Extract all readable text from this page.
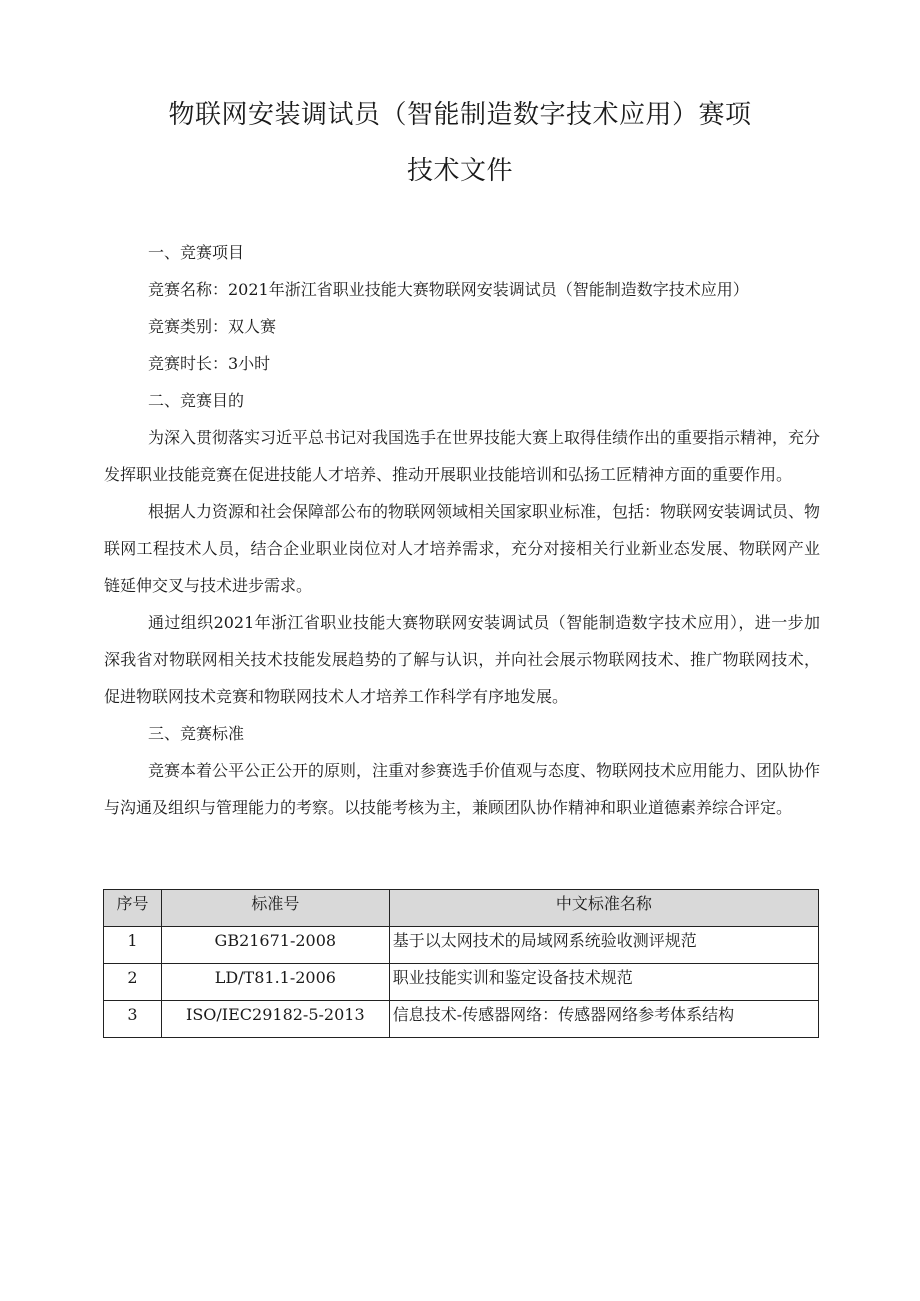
物联网安装调试员（智能制造数字技术应用）赛项
技术文件
一、竞赛项目
竞赛名称：2021年浙江省职业技能大赛物联网安装调试员（智能制造数字技术应用）
竞赛类别：双人赛
竞赛时长：3小时
二、竞赛目的

为深入贯彻落实习近平总书记对我国选手在世界技能大赛上取得佳绩作出的重要指示精神，充分发挥职业技能竞赛在促进技能人才培养、推动开展职业技能培训和弘扬工匠精神方面的重要作用。

根据人力资源和社会保障部公布的物联网领域相关国家职业标准，包括：物联网安装调试员、物联网工程技术人员，结合企业职业岗位对人才培养需求，充分对接相关行业新业态发展、物联网产业链延伸交叉与技术进步需求。

通过组织2021年浙江省职业技能大赛物联网安装调试员（智能制造数字技术应用），进一步加深我省对物联网相关技术技能发展趋势的了解与认识，并向社会展示物联网技术、推广物联网技术，促进物联网技术竞赛和物联网技术人才培养工作科学有序地发展。

三、竞赛标准

竞赛本着公平公正公开的原则，注重对参赛选手价值观与态度、物联网技术应用能力、团队协作与沟通及组织与管理能力的考察。以技能考核为主，兼顾团队协作精神和职业道德素养综合评定。

序号	标准号	中文标准名称
1	GB21671-2008	基于以太网技术的局域网系统验收测评规范
2	LD/T81.1-2006	职业技能实训和鉴定设备技术规范
3	ISO/IEC29182-5-2013	信息技术-传感器网络：传感器网络参考体系结构
